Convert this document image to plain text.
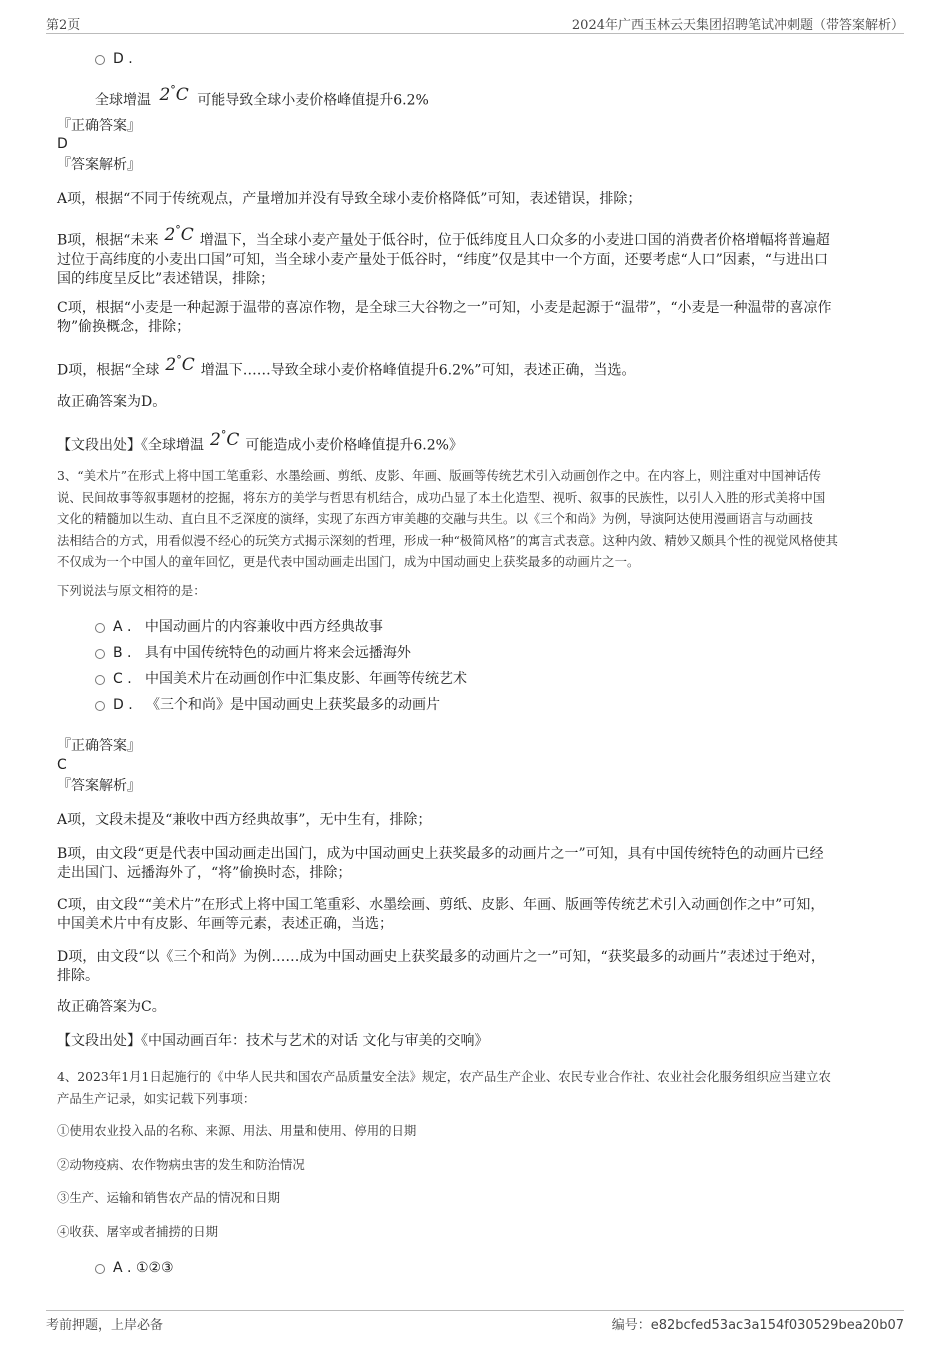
第2页	2024年广西玉林云天集团招聘笔试冲刺题（带答案解析）
D .
全球增温 2°C 可能导致全球小麦价格峰值提升6.2%
『正确答案』
D
『答案解析』
A项，根据“不同于传统观点，产量增加并没有导致全球小麦价格降低”可知，表述错误，排除；
B项，根据“未来 2°C 增温下，当全球小麦产量处于低谷时，位于低纬度且人口众多的小麦进口国的消费者价格增幅将普遍超
过位于高纬度的小麦出口国”可知，当全球小麦产量处于低谷时，“纬度”仅是其中一个方面，还要考虑“人口”因素，“与进出口
国的纬度呈反比”表述错误，排除；
C项，根据“小麦是一种起源于温带的喜凉作物，是全球三大谷物之一”可知，小麦是起源于“温带”，“小麦是一种温带的喜凉作
物”偷换概念，排除；
D项，根据“全球 2°C 增温下……导致全球小麦价格峰值提升6.2%”可知，表述正确，当选。
故正确答案为D。
【文段出处】《全球增温 2°C 可能造成小麦价格峰值提升6.2%》
3、“美术片”在形式上将中国工笔重彩、水墨绘画、剪纸、皮影、年画、版画等传统艺术引入动画创作之中。在内容上，则注重对中国神话传
说、民间故事等叙事题材的挖掘，将东方的美学与哲思有机结合，成功凸显了本土化造型、视听、叙事的民族性，以引人入胜的形式美将中国
文化的精髓加以生动、直白且不乏深度的演绎，实现了东西方审美趣的交融与共生。以《三个和尚》为例，导演阿达使用漫画语言与动画技
法相结合的方式，用看似漫不经心的玩笑方式揭示深刻的哲理，形成一种“极简风格”的寓言式表意。这种内敛、精妙又颇具个性的视觉风格使其
不仅成为一个中国人的童年回忆，更是代表中国动画走出国门，成为中国动画史上获奖最多的动画片之一。
下列说法与原文相符的是：
A . 中国动画片的内容兼收中西方经典故事
B . 具有中国传统特色的动画片将来会远播海外
C . 中国美术片在动画创作中汇集皮影、年画等传统艺术
D . 《三个和尚》是中国动画史上获奖最多的动画片
『正确答案』
C
『答案解析』
A项，文段未提及“兼收中西方经典故事”，无中生有，排除；
B项，由文段“更是代表中国动画走出国门，成为中国动画史上获奖最多的动画片之一”可知，具有中国传统特色的动画片已经
走出国门、远播海外了，“将”偷换时态，排除；
C项，由文段““美术片”在形式上将中国工笔重彩、水墨绘画、剪纸、皮影、年画、版画等传统艺术引入动画创作之中”可知，
中国美术片中有皮影、年画等元素，表述正确，当选；
D项，由文段“以《三个和尚》为例……成为中国动画史上获奖最多的动画片之一”可知，“获奖最多的动画片”表述过于绝对，
排除。
故正确答案为C。
【文段出处】《中国动画百年：技术与艺术的对话 文化与审美的交响》
4、2023年1月1日起施行的《中华人民共和国农产品质量安全法》规定，农产品生产企业、农民专业合作社、农业社会化服务组织应当建立农
产品生产记录，如实记载下列事项：
①使用农业投入品的名称、来源、用法、用量和使用、停用的日期
②动物疫病、农作物病虫害的发生和防治情况
③生产、运输和销售农产品的情况和日期
④收获、屠宰或者捕捞的日期
A . ①②③
考前押题，上岸必备	编号：e82bcfed53ac3a154f030529bea20b07
